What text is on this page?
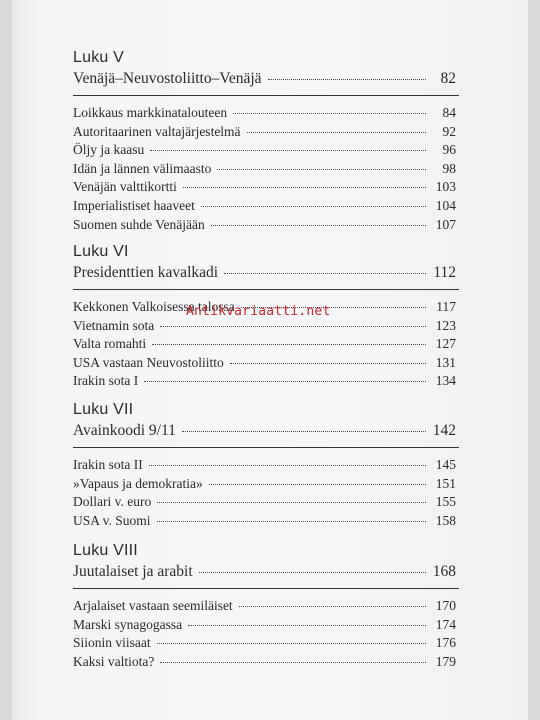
Luku V
Venäjä–Neuvostoliitto–Venäjä	82
Loikkaus markkinatalouteen	84
Autoritaarinen valtajärjestelmä	92
Öljy ja kaasu	96
Idän ja lännen välimaasto	98
Venäjän valttikortti	103
Imperialistiset haaveet	104
Suomen suhde Venäjään	107
Luku VI
Presidenttien kavalkadi	112
Kekkonen Valkoisessa talossa	117
Vietnamin sota	123
Valta romahti	127
USA vastaan Neuvostoliitto	131
Irakin sota I	134
Luku VII
Avainkoodi 9/11	142
Irakin sota II	145
»Vapaus ja demokratia»	151
Dollari v. euro	155
USA v. Suomi	158
Luku VIII
Juutalaiset ja arabit	168
Arjalaiset vastaan seemiläiset	170
Marski synagogassa	174
Siionin viisaat	176
Kaksi valtiota?	179
Antikvariaatti.net
